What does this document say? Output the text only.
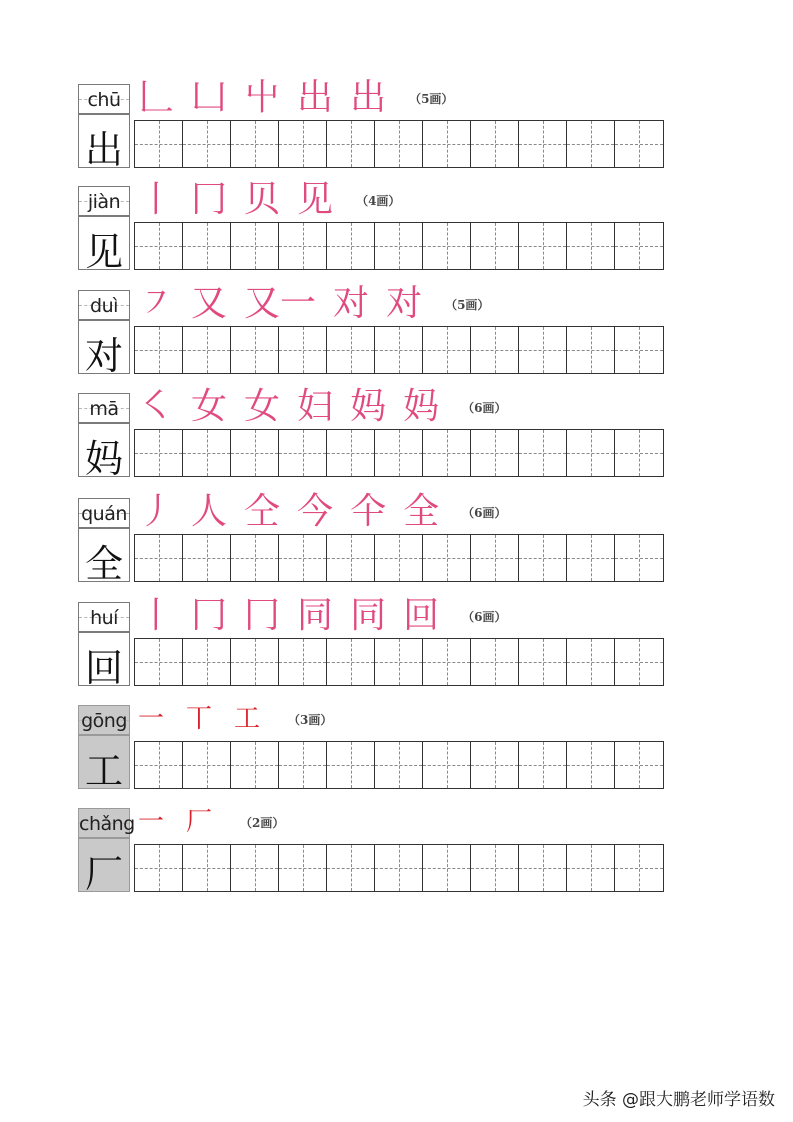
chū
出
𠃊 凵 屮 出 出 （5画）
jiàn
见
丨 冂 贝 见 （4画）
duì
对
㇇ 又 又一 对 对 （5画）
mā
妈
㇛ 女 女 妇 妈 妈 （6画）
quán
全
丿 人 仝 今 仐 全 （6画）
huí
回
丨 冂 冂 同 同 回 （6画）
gōng
工
一 丅 工 （3画）
chǎng
厂
一 厂 （2画）
头条 @跟大鹏老师学语数
